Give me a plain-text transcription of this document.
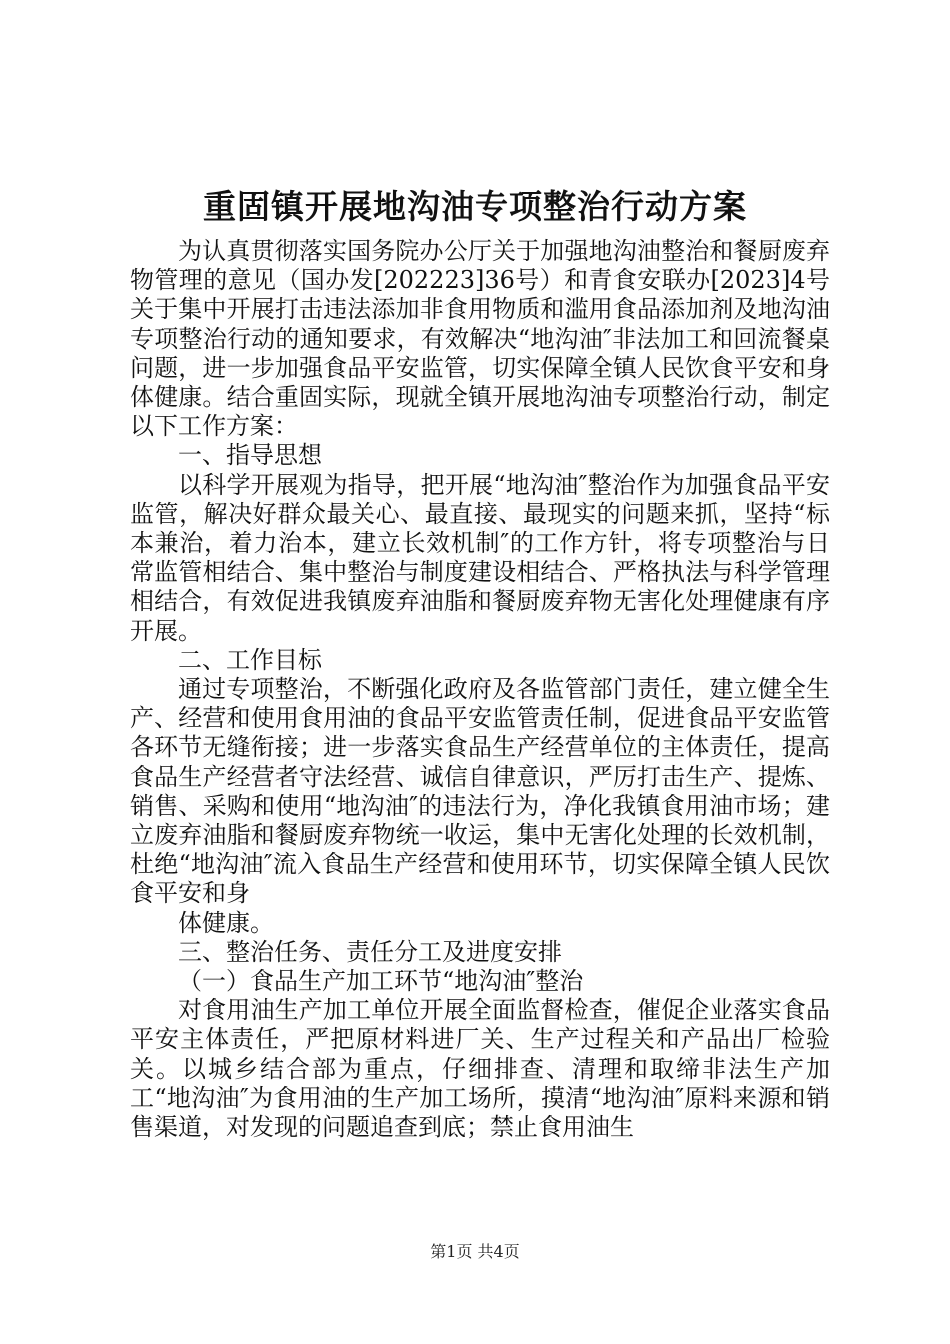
重固镇开展地沟油专项整治行动方案

为认真贯彻落实国务院办公厅关于加强地沟油整治和餐厨废弃物管理的意见（国办发[202223]36号）和青食安联办[2023]4号关于集中开展打击违法添加非食用物质和滥用食品添加剂及地沟油专项整治行动的通知要求，有效解决“地沟油″非法加工和回流餐桌问题，进一步加强食品平安监管，切实保障全镇人民饮食平安和身体健康。结合重固实际，现就全镇开展地沟油专项整治行动，制定以下工作方案：

一、指导思想

以科学开展观为指导，把开展“地沟油″整治作为加强食品平安监管，解决好群众最关心、最直接、最现实的问题来抓，坚持“标本兼治，着力治本，建立长效机制″的工作方针，将专项整治与日常监管相结合、集中整治与制度建设相结合、严格执法与科学管理相结合，有效促进我镇废弃油脂和餐厨废弃物无害化处理健康有序开展。

二、工作目标

通过专项整治，不断强化政府及各监管部门责任，建立健全生产、经营和使用食用油的食品平安监管责任制，促进食品平安监管各环节无缝衔接；进一步落实食品生产经营单位的主体责任，提高食品生产经营者守法经营、诚信自律意识，严厉打击生产、提炼、销售、采购和使用“地沟油″的违法行为，净化我镇食用油市场；建立废弃油脂和餐厨废弃物统一收运，集中无害化处理的长效机制，杜绝“地沟油″流入食品生产经营和使用环节，切实保障全镇人民饮食平安和身

体健康。

三、整治任务、责任分工及进度安排

（一）食品生产加工环节“地沟油″整治

对食用油生产加工单位开展全面监督检查，催促企业落实食品平安主体责任，严把原材料进厂关、生产过程关和产品出厂检验关。以城乡结合部为重点，仔细排查、清理和取缔非法生产加工“地沟油″为食用油的生产加工场所，摸清“地沟油″原料来源和销售渠道，对发现的问题追查到底；禁止食用油生

第1页 共4页
